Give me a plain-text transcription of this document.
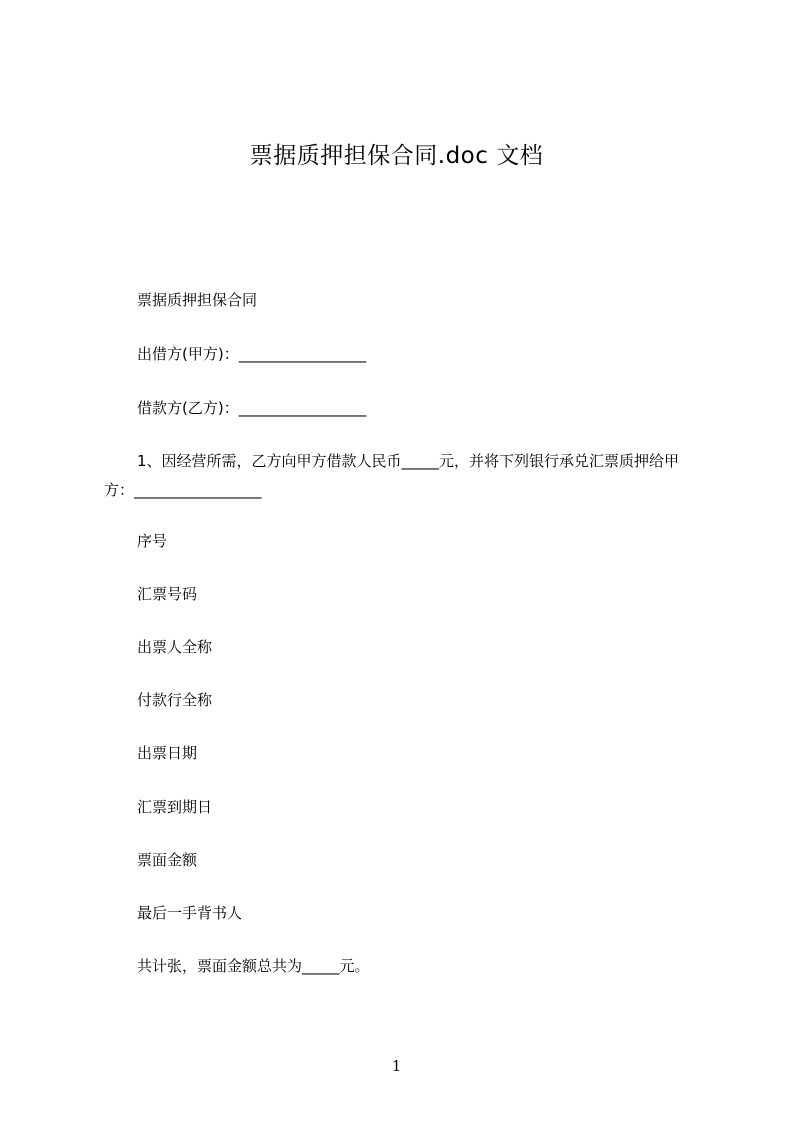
票据质押担保合同.doc 文档
票据质押担保合同
出借方(甲方)：_________________
借款方(乙方)：_________________
1、因经营所需，乙方向甲方借款人民币_____元，并将下列银行承兑汇票质押给甲方：_________________
序号
汇票号码
出票人全称
付款行全称
出票日期
汇票到期日
票面金额
最后一手背书人
共计张，票面金额总共为_____元。
1
